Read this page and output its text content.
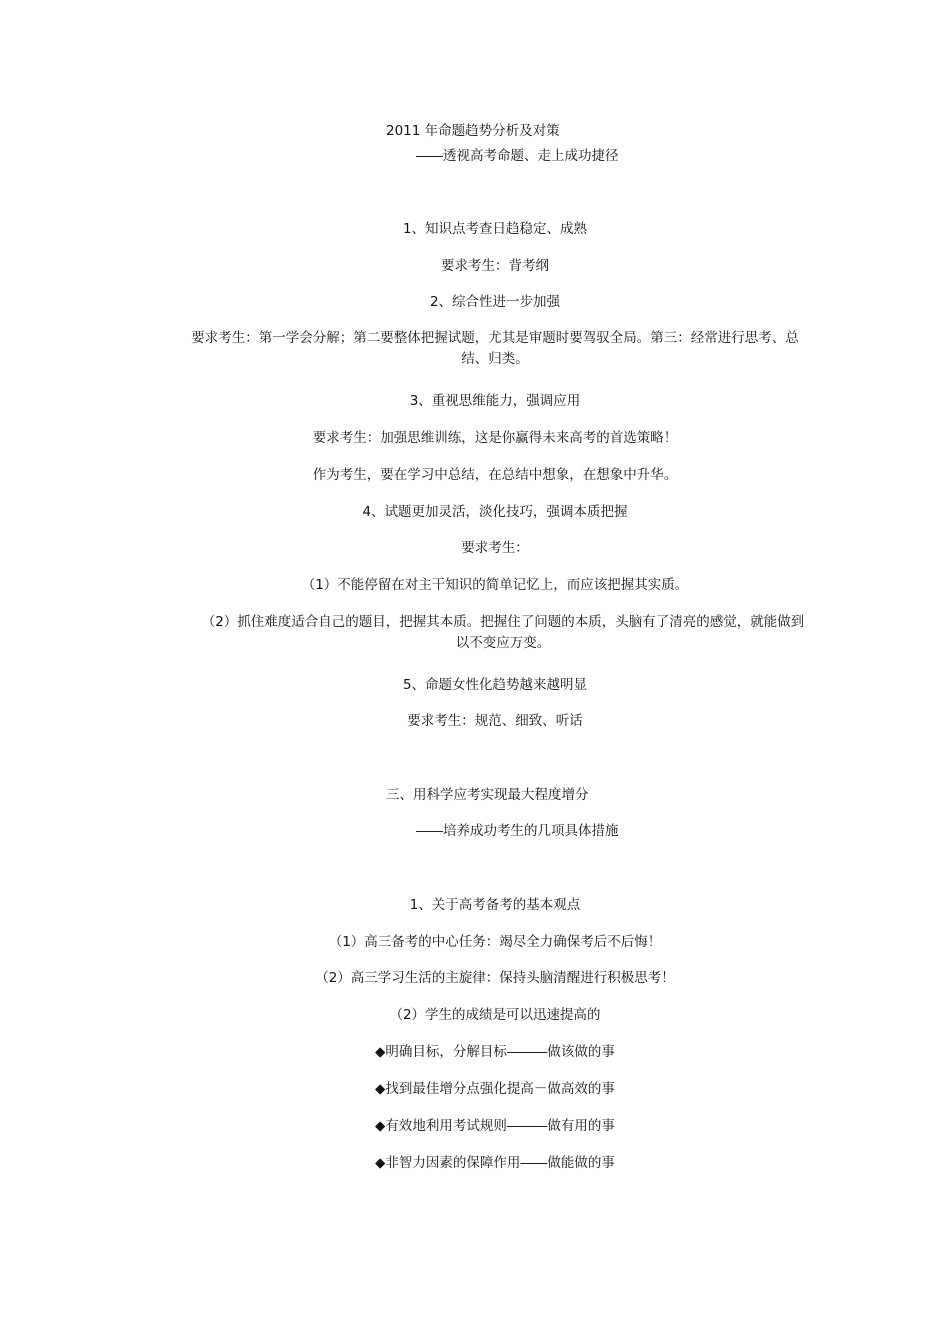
2011 年命题趋势分析及对策
――透视高考命题、走上成功捷径
1、知识点考查日趋稳定、成熟
要求考生：背考纲
2、综合性进一步加强
要求考生：第一学会分解；第二要整体把握试题，尤其是审题时要驾驭全局。第三：经常进行思考、总结、归类。
3、重视思维能力，强调应用
要求考生：加强思维训练，这是你赢得未来高考的首选策略！
作为考生，要在学习中总结，在总结中想象，在想象中升华。
4、试题更加灵活，淡化技巧，强调本质把握
要求考生：
（1）不能停留在对主干知识的简单记忆上，而应该把握其实质。
（2）抓住难度适合自己的题目，把握其本质。把握住了问题的本质，头脑有了清亮的感觉，就能做到以不变应万变。
5、命题女性化趋势越来越明显
要求考生：规范、细致、听话
三、用科学应考实现最大程度增分
――培养成功考生的几项具体措施
1、关于高考备考的基本观点
（1）高三备考的中心任务：竭尽全力确保考后不后悔！
（2）高三学习生活的主旋律：保持头脑清醒进行积极思考！
（2）学生的成绩是可以迅速提高的
◆明确目标，分解目标―――做该做的事
◆找到最佳增分点强化提高－做高效的事
◆有效地利用考试规则―――做有用的事
◆非智力因素的保障作用――做能做的事
